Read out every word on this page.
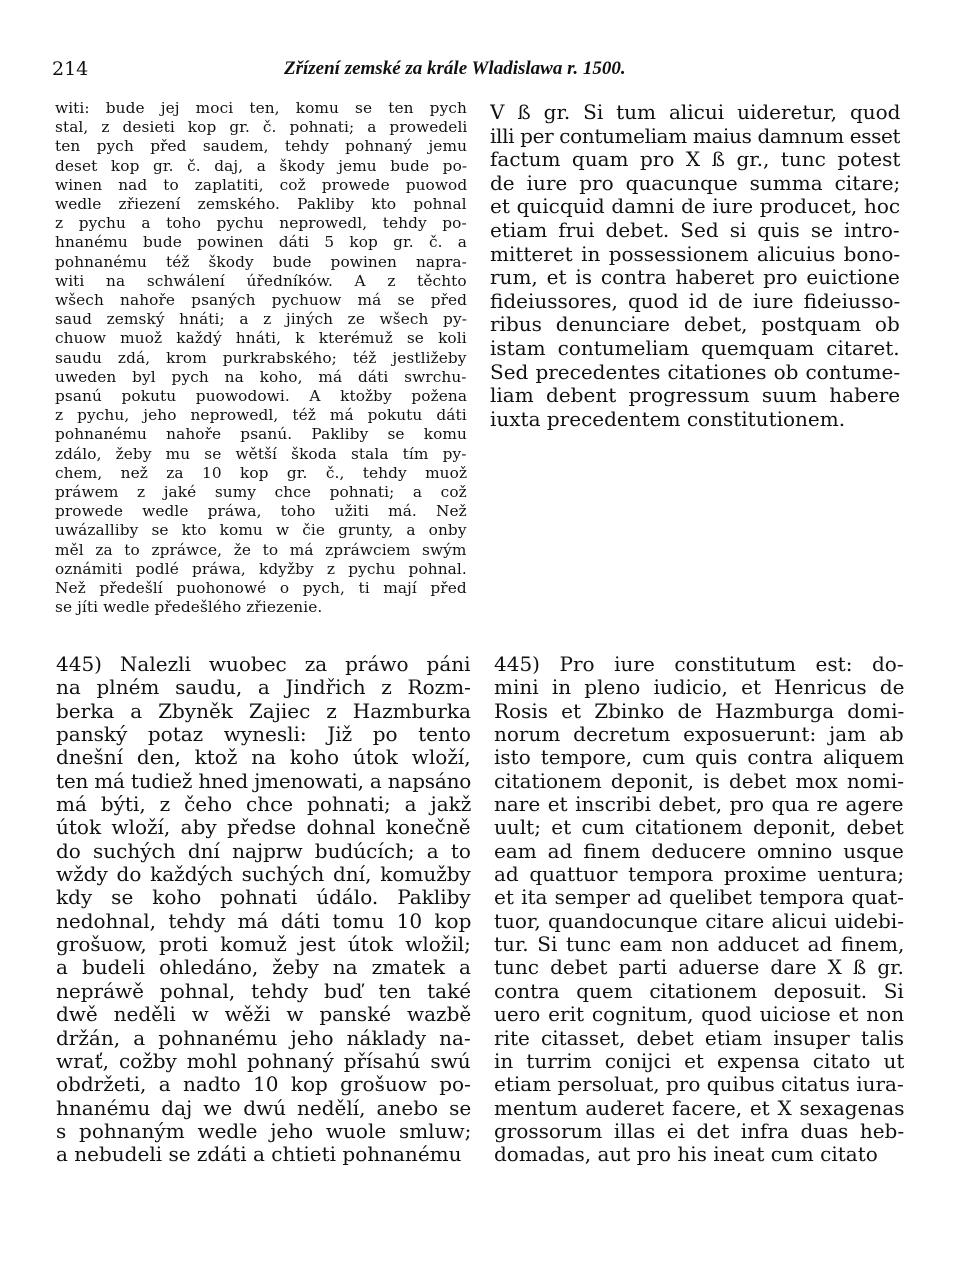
214	Zřízení zemské za krále Wladislawa r. 1500.
witi: bude jej moci ten, komu se ten pych
stal, z desieti kop gr. č. pohnati; a prowedeli
ten pych před saudem, tehdy pohnaný jemu
deset kop gr. č. daj, a škody jemu bude po-
winen nad to zaplatiti, což prowede puowod
wedle zřiezení zemského. Pakliby kto pohnal
z pychu a toho pychu neprowedl, tehdy po-
hnanému bude powinen dáti 5 kop gr. č. a
pohnanému též škody bude powinen napra-
witi na schwálení úředníków. A z těchto
wšech nahoře psaných pychuow má se před
saud zemský hnáti; a z jiných ze wšech py-
chuow muož každý hnáti, k kterémuž se koli
saudu zdá, krom purkrabského; též jestližeby
uweden byl pych na koho, má dáti swrchu-
psanú pokutu puowodowi. A ktožby požena
z pychu, jeho neprowedl, též má pokutu dáti
pohnanému nahoře psanú. Pakliby se komu
zdálo, žeby mu se wětší škoda stala tím py-
chem, než za 10 kop gr. č., tehdy muož
práwem z jaké sumy chce pohnati; a což
prowede wedle práwa, toho užiti má. Než
uwázalliby se kto komu w čie grunty, a onby
měl za to zpráwce, že to má zpráwciem swým
oznámiti podlé práwa, kdyžby z pychu pohnal.
Než předešlí puohonowé o pych, ti mají před
se jíti wedle předešlého zřiezenie.
V ß gr. Si tum alicui uideretur, quod
illi per contumeliam maius damnum esset
factum quam pro X ß gr., tunc potest
de iure pro quacunque summa citare;
et quicquid damni de iure producet, hoc
etiam frui debet. Sed si quis se intro-
mitteret in possessionem alicuius bono-
rum, et is contra haberet pro euictione
fideiussores, quod id de iure fideiusso-
ribus denunciare debet, postquam ob
istam contumeliam quemquam citaret.
Sed precedentes citationes ob contume-
liam debent progressum suum habere
iuxta precedentem constitutionem.
445) Nalezli wuobec za práwo páni
na plném saudu, a Jindřich z Rozm-
berka a Zbyněk Zajiec z Hazmburka
panský potaz wynesli: Již po tento
dnešní den, ktož na koho útok wloží,
ten má tudiež hned jmenowati, a napsáno
má býti, z čeho chce pohnati; a jakž
útok wloží, aby předse dohnal konečně
do suchých dní najprw budúcích; a to
wždy do každých suchých dní, komužby
kdy se koho pohnati údálo. Pakliby
nedohnal, tehdy má dáti tomu 10 kop
grošuow, proti komuž jest útok wložil;
a budeli ohledáno, žeby na zmatek a
nepráwě pohnal, tehdy buď ten také
dwě neděli w wěži w panské wazbě
držán, a pohnanému jeho náklady na-
wrať, cožby mohl pohnaný přísahú swú
obdržeti, a nadto 10 kop grošuow po-
hnanému daj we dwú nedělí, anebo se
s pohnaným wedle jeho wuole smluw;
a nebudeli se zdáti a chtieti pohnanému
445) Pro iure constitutum est: do-
mini in pleno iudicio, et Henricus de
Rosis et Zbinko de Hazmburga domi-
norum decretum exposuerunt: jam ab
isto tempore, cum quis contra aliquem
citationem deponit, is debet mox nomi-
nare et inscribi debet, pro qua re agere
uult; et cum citationem deponit, debet
eam ad finem deducere omnino usque
ad quattuor tempora proxime uentura;
et ita semper ad quelibet tempora quat-
tuor, quandocunque citare alicui uidebi-
tur. Si tunc eam non adducet ad finem,
tunc debet parti aduerse dare X ß gr.
contra quem citationem deposuit. Si
uero erit cognitum, quod uiciose et non
rite citasset, debet etiam insuper talis
in turrim conijci et expensa citato ut
etiam persoluat, pro quibus citatus iura-
mentum auderet facere, et X sexagenas
grossorum illas ei det infra duas heb-
domadas, aut pro his ineat cum citato
